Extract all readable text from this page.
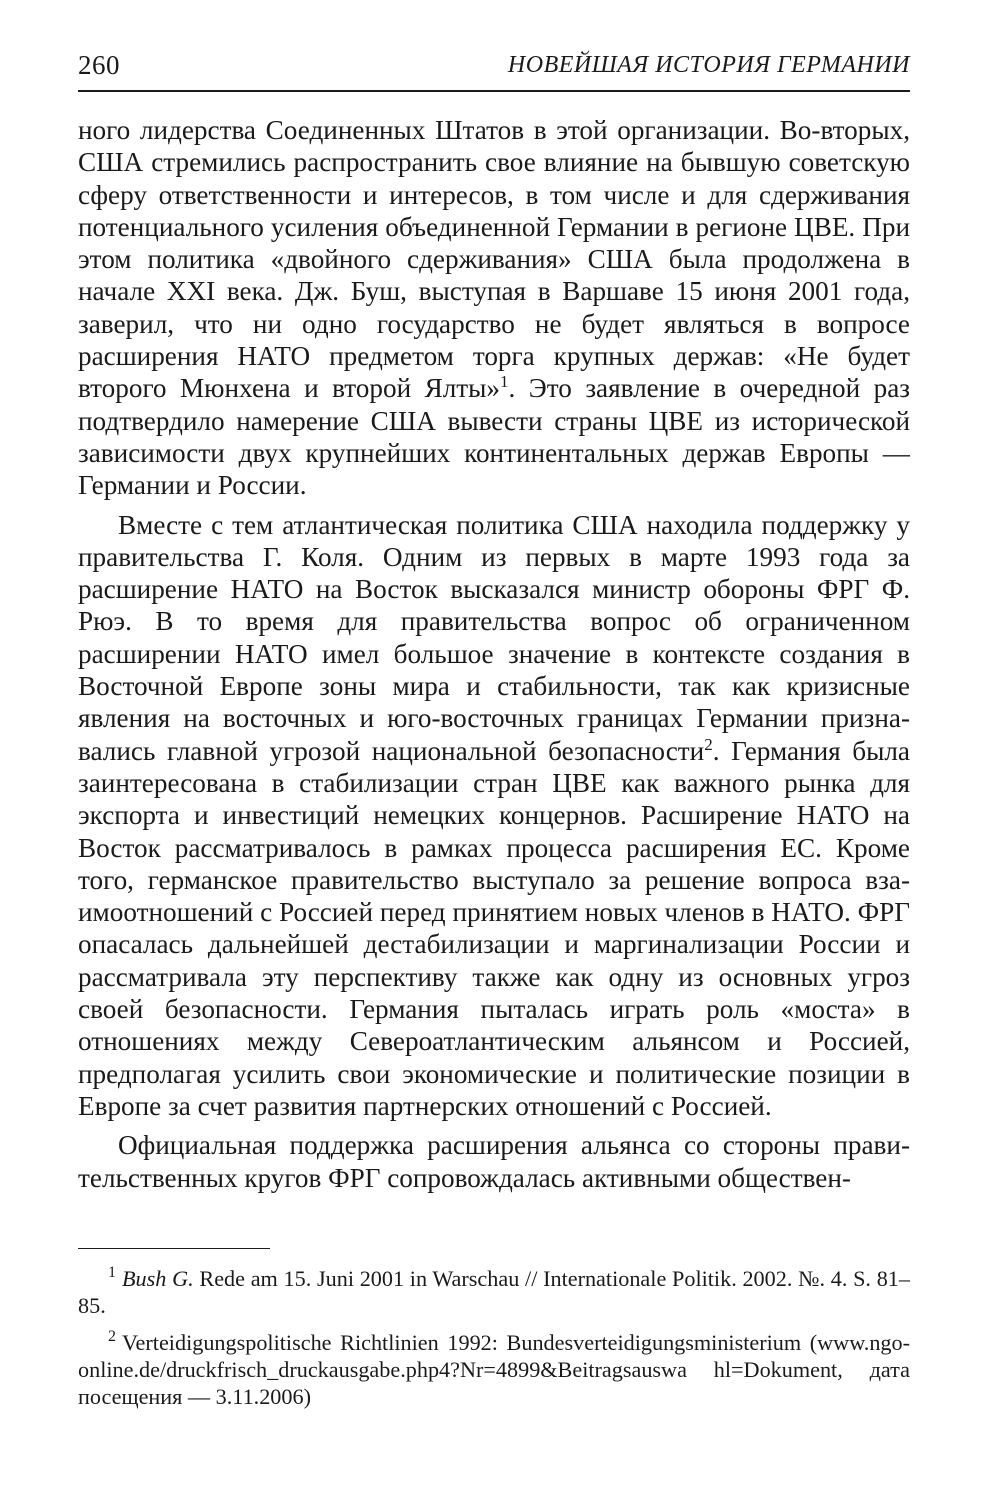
260	НОВЕЙШАЯ ИСТОРИЯ ГЕРМАНИИ

ного лидерства Соединенных Штатов в этой организации. Во-вторых, США стремились распространить свое влияние на бывшую советскую сферу ответственности и интересов, в том числе и для сдерживания потенциального усиления объединенной Германии в регионе ЦВЕ. При этом политика «двойного сдерживания» США была продолжена в начале XXI века. Дж. Буш, выступая в Варшаве 15 июня 2001 года, заверил, что ни одно государство не будет являться в вопросе расширения НАТО предметом торга крупных держав: «Не будет второго Мюнхена и второй Ялты»$^1$. Это заявление в очередной раз подтвердило намерение США вывести страны ЦВЕ из исторической зависимости двух крупнейших континентальных держав Европы — Германии и России.

Вместе с тем атлантическая политика США находила поддержку у правительства Г. Коля. Одним из первых в марте 1993 года за расширение НАТО на Восток высказался министр обороны ФРГ Ф. Рюэ. В то время для правительства вопрос об ограниченном расширении НАТО имел большое значение в контексте создания в Восточной Европе зоны мира и стабильности, так как кризисные явления на восточных и юго-восточных границах Германии признавались главной угрозой национальной безопасности$^2$. Германия была заинтересована в стабилизации стран ЦВЕ как важного рынка для экспорта и инвестиций немецких концернов. Расширение НАТО на Восток рассматривалось в рамках процесса расширения ЕС. Кроме того, германское правительство выступало за решение вопроса взаимоотношений с Россией перед принятием новых членов в НАТО. ФРГ опасалась дальнейшей дестабилизации и маргинализации России и рассматривала эту перспективу также как одну из основных угроз своей безопасности. Германия пыталась играть роль «моста» в отношениях между Североатлантическим альянсом и Россией, предполагая усилить свои экономические и политические позиции в Европе за счет развития партнерских отношений с Россией.

Официальная поддержка расширения альянса со стороны правительственных кругов ФРГ сопровождалась активными обществен-

$^1$ Bush G. Rede am 15. Juni 2001 in Warschau // Internationale Politik. 2002. №. 4. S. 81–85.

$^2$ Verteidigungspolitische Richtlinien 1992: Bundesverteidigungsministerium (www.ngo-online.de/druckfrisch_druckausgabe.php4?Nr=4899&Beitragsauswa hl=Dokument, дата посещения — 3.11.2006)
